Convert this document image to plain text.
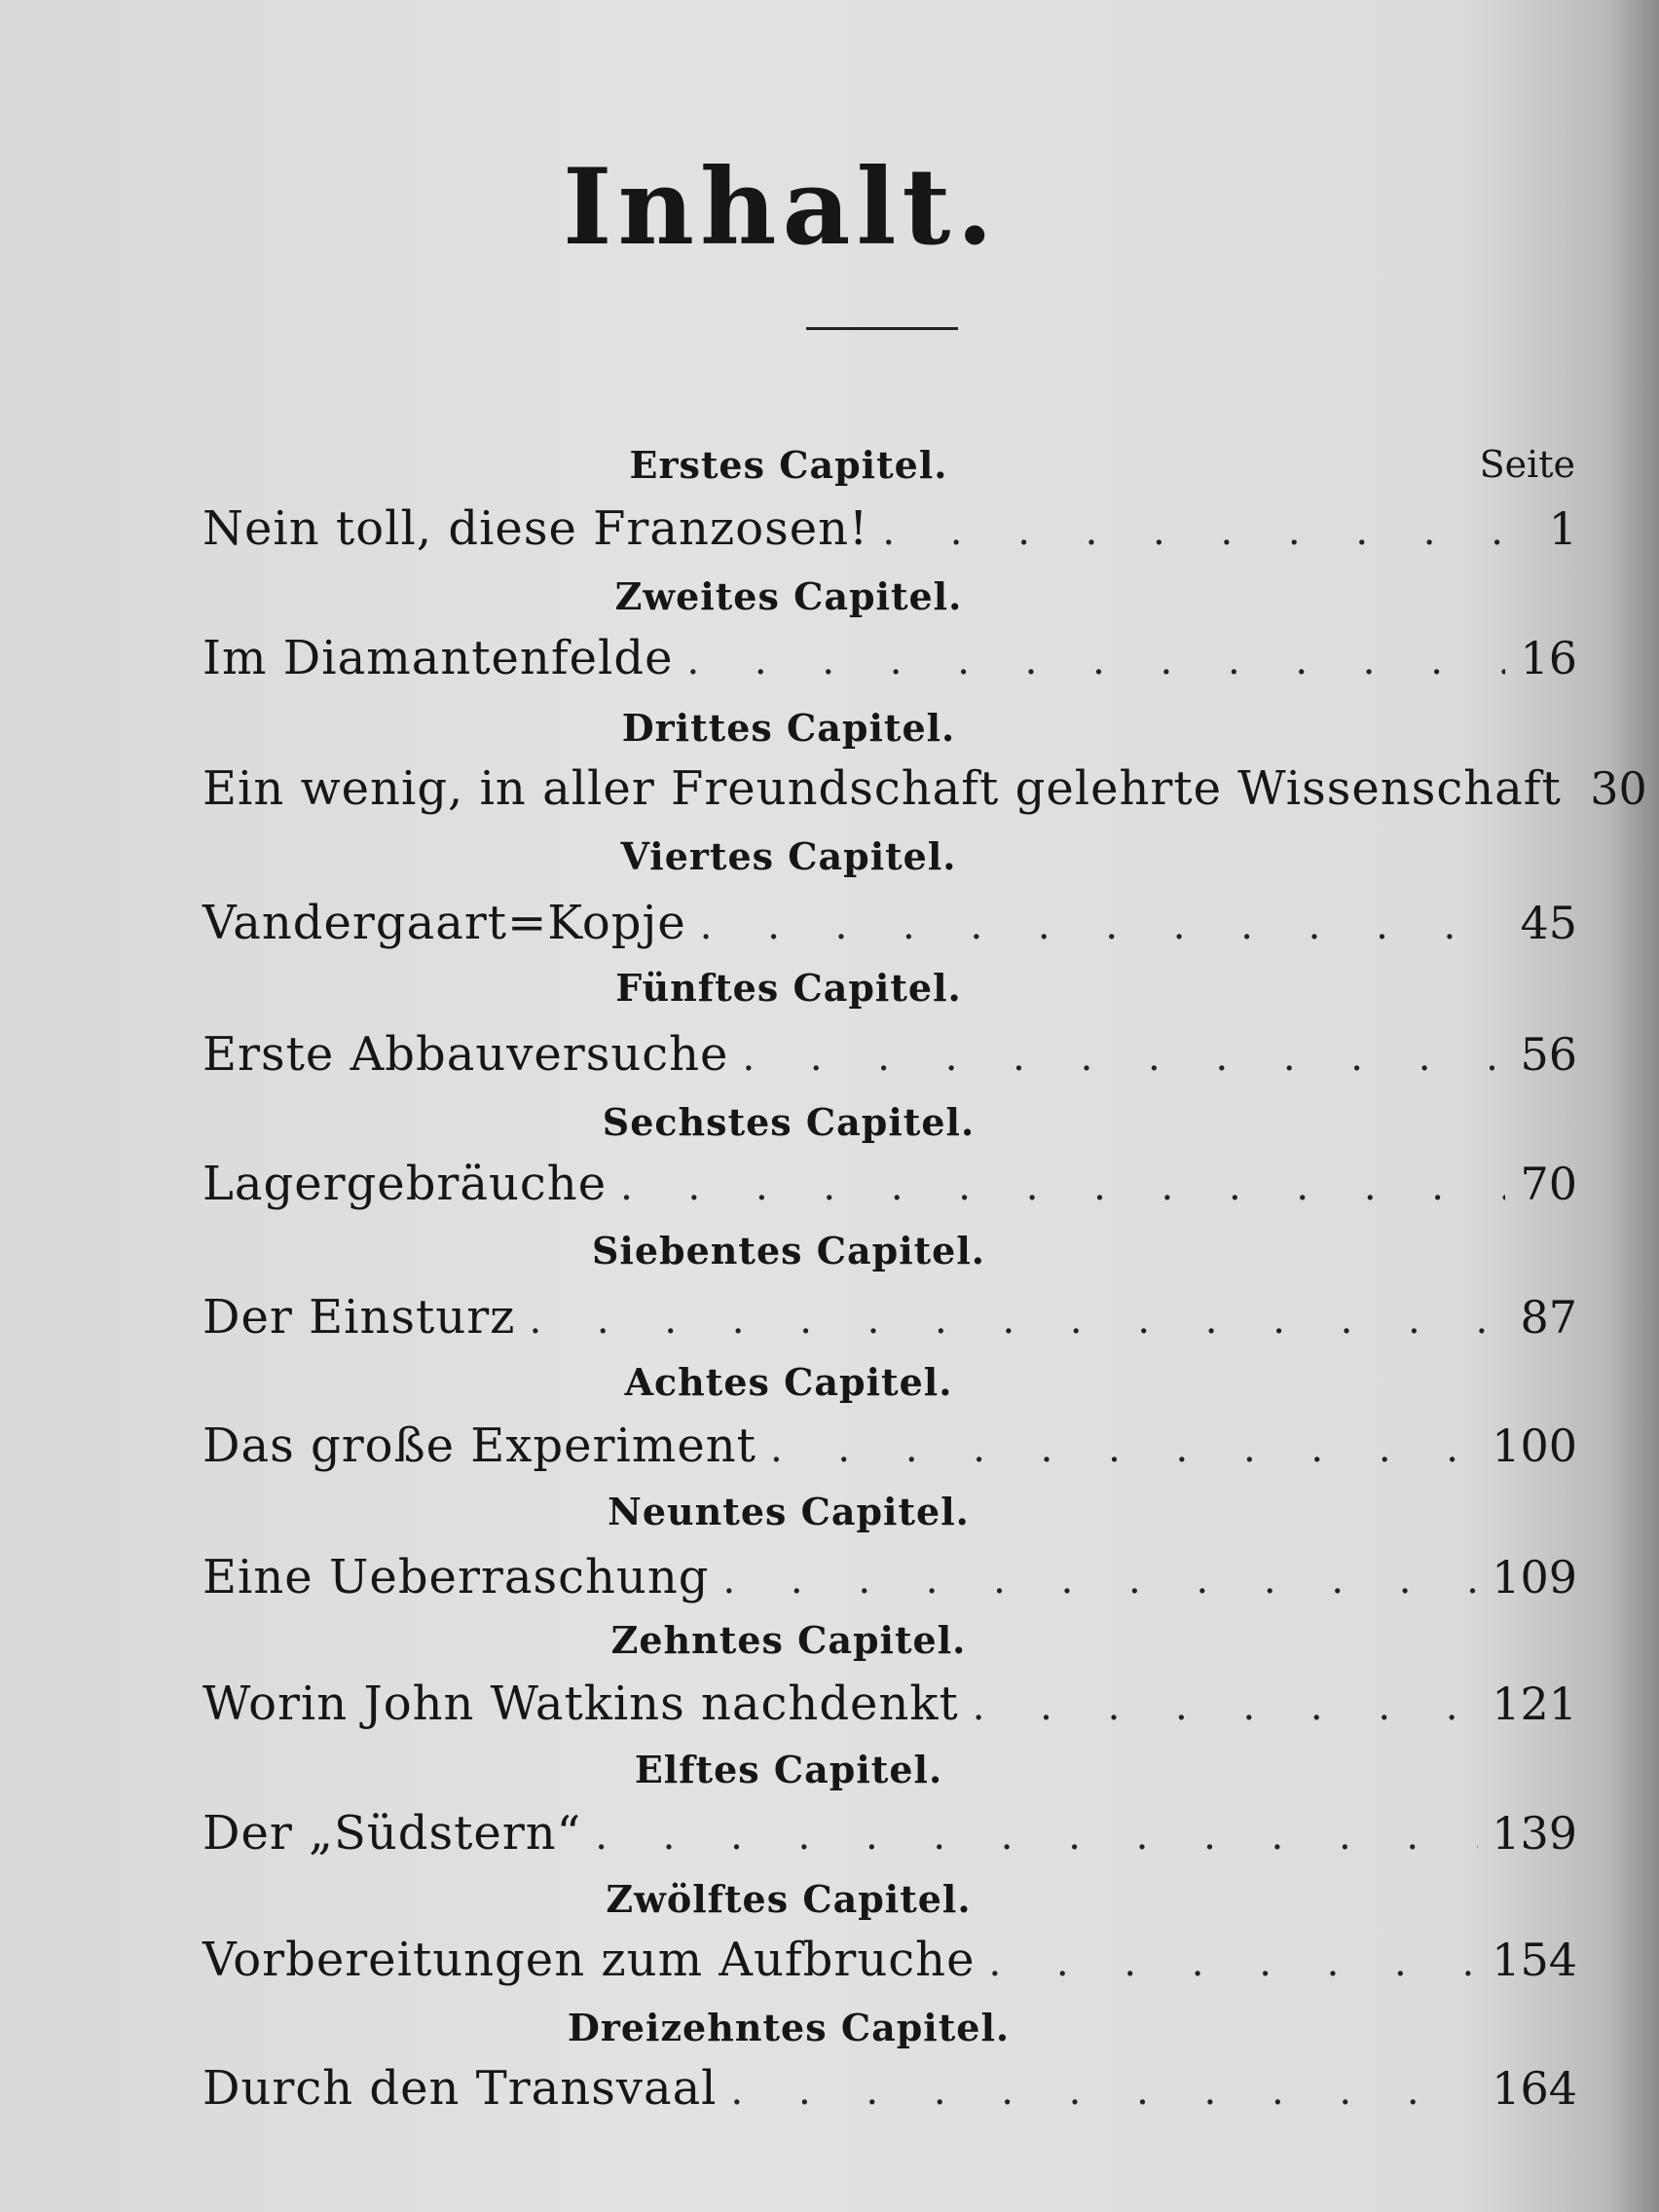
Inhalt.
Seite
Erstes Capitel.
Nein toll, diese Franzosen! . . .	1
Zweites Capitel.
Im Diamantenfelde . . .	16
Drittes Capitel.
Ein wenig, in aller Freundschaft gelehrte Wissenschaft 30
Viertes Capitel.
Vandergaart=Kopje . . .	45
Fünftes Capitel.
Erste Abbauversuche . . .	56
Sechstes Capitel.
Lagergebräuche . . .	70
Siebentes Capitel.
Der Einsturz . . .	87
Achtes Capitel.
Das große Experiment . . .	100
Neuntes Capitel.
Eine Ueberraschung . . .	109
Zehntes Capitel.
Worin John Watkins nachdenkt . . .	121
Elftes Capitel.
Der „Südstern“ . . .	139
Zwölftes Capitel.
Vorbereitungen zum Aufbruche . . .	154
Dreizehntes Capitel.
Durch den Transvaal . . .	164
